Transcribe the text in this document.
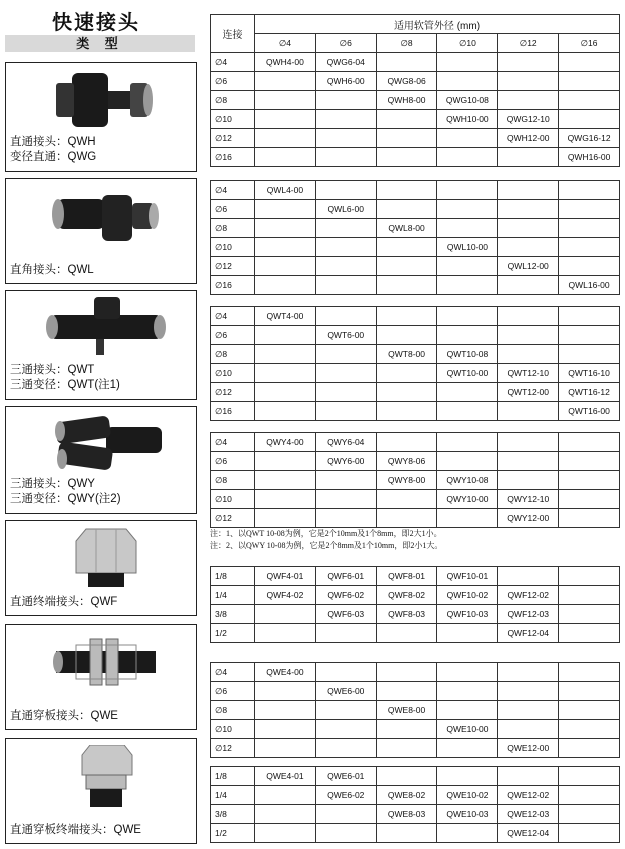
快速接头
类 型
直通接头：QWH
变径直通：QWG
直角接头：QWL
三通接头：QWT
三通变径：QWT(注1)
三通接头：QWY
三通变径：QWY(注2)
直通终端接头：QWF
直通穿板接头：QWE
直通穿板终端接头：QWE
连接	适用软管外径 (mm)					
	∅4	∅6	∅8	∅10	∅12	∅16
∅4	QWH4-00	QWG6-04				
∅6		QWH6-00	QWG8-06			
∅8			QWH8-00	QWG10-08		
∅10				QWH10-00	QWG12-10	
∅12					QWH12-00	QWG16-12
∅16						QWH16-00
∅4	QWL4-00					
∅6		QWL6-00				
∅8			QWL8-00			
∅10				QWL10-00		
∅12					QWL12-00	
∅16						QWL16-00
∅4	QWT4-00					
∅6		QWT6-00				
∅8			QWT8-00	QWT10-08		
∅10				QWT10-00	QWT12-10	QWT16-10
∅12					QWT12-00	QWT16-12
∅16						QWT16-00
∅4	QWY4-00	QWY6-04				
∅6		QWY6-00	QWY8-06			
∅8			QWY8-00	QWY10-08		
∅10				QWY10-00	QWY12-10	
∅12					QWY12-00	
注：1、以QWT 10-08为例，它是2个10mm及1个8mm，即2大1小。
注：2、以QWY 10-08为例，它是2个8mm及1个10mm，即2小1大。
1/8	QWF4-01	QWF6-01	QWF8-01	QWF10-01		
1/4	QWF4-02	QWF6-02	QWF8-02	QWF10-02	QWF12-02	
3/8		QWF6-03	QWF8-03	QWF10-03	QWF12-03	
1/2					QWF12-04	
∅4	QWE4-00					
∅6		QWE6-00				
∅8			QWE8-00			
∅10				QWE10-00		
∅12					QWE12-00	
1/8	QWE4-01	QWE6-01				
1/4		QWE6-02	QWE8-02	QWE10-02	QWE12-02	
3/8			QWE8-03	QWE10-03	QWE12-03	
1/2					QWE12-04	
